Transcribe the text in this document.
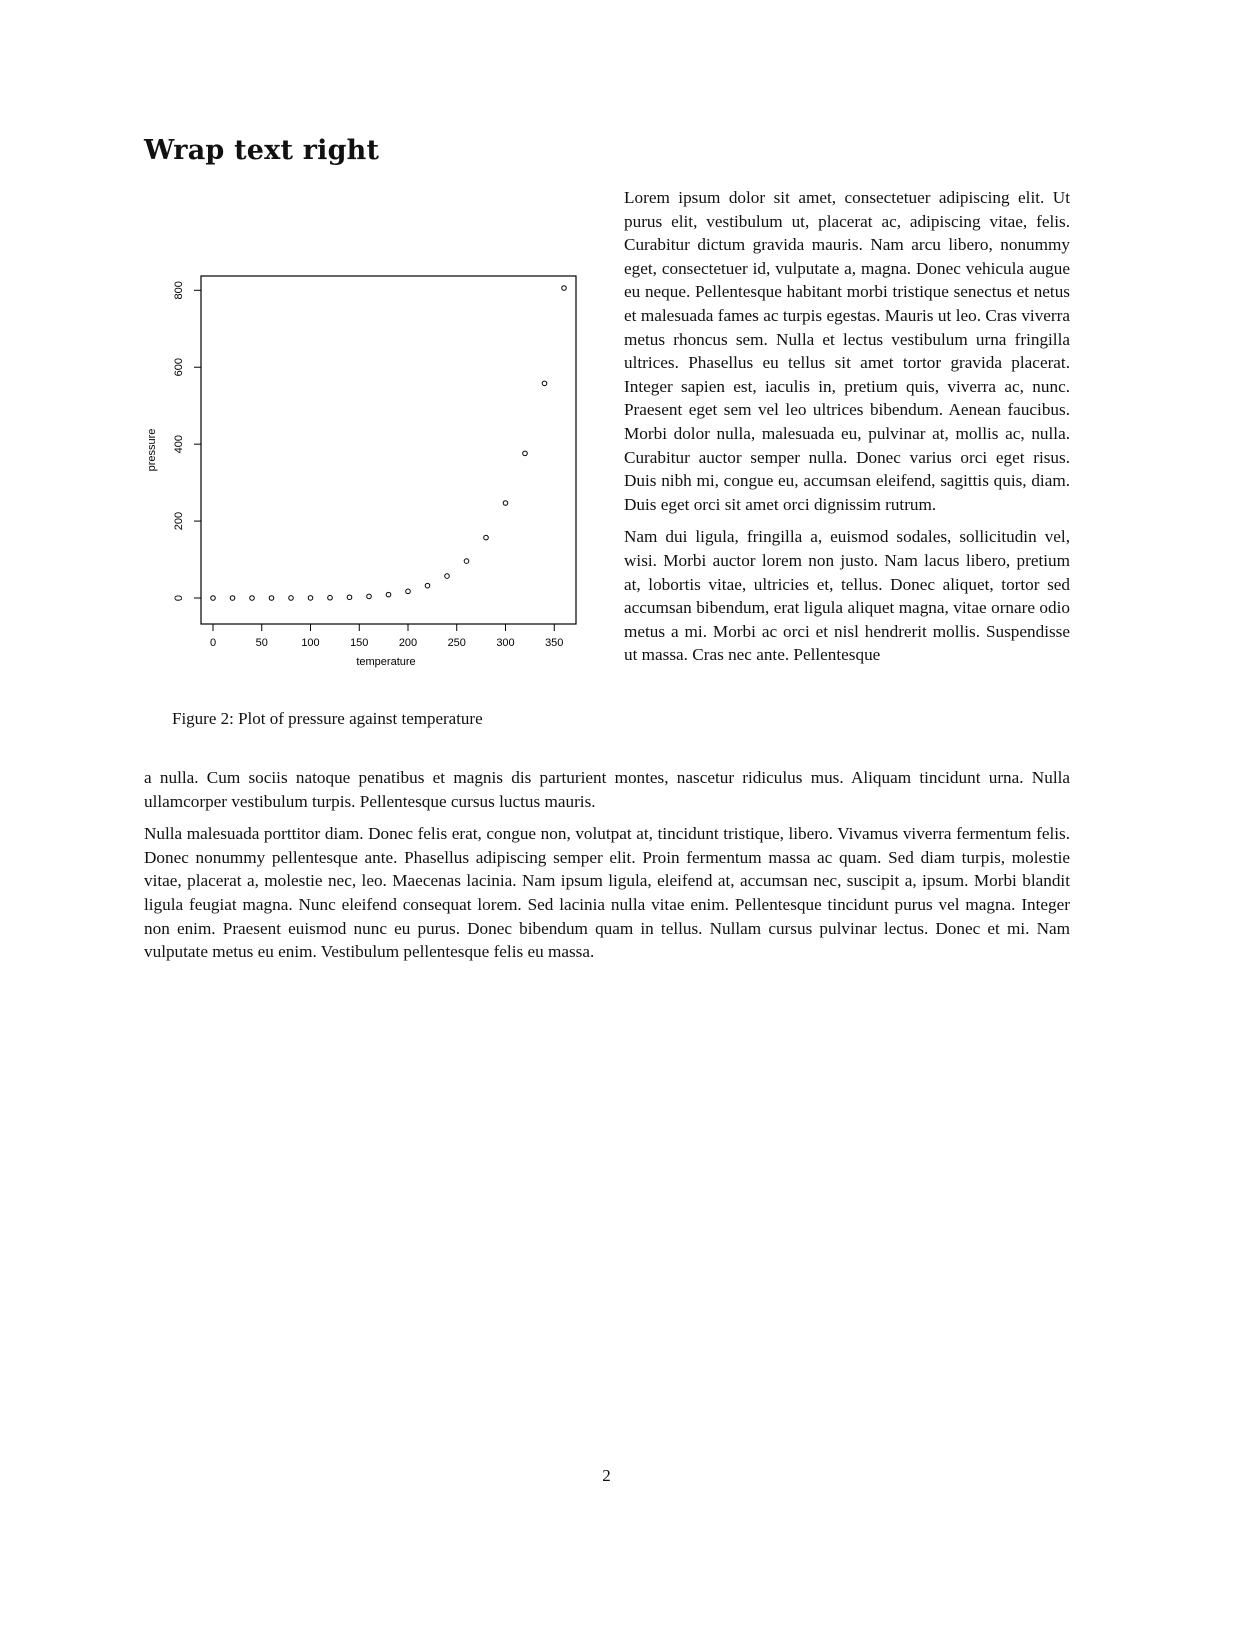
Wrap text right
0	50	100	150	200	250	300	350
0
200
400
600
800
temperature
pressure
Figure 2: Plot of pressure against temperature

Lorem ipsum dolor sit amet, consectetuer adipiscing elit. Ut purus elit, vestibulum ut, placerat ac, adipiscing vitae, felis. Curabitur dictum gravida mauris. Nam arcu libero, nonummy eget, consectetuer id, vulputate a, magna. Donec vehicula augue eu neque. Pellentesque habitant morbi tristique senectus et netus et malesuada fames ac turpis egestas. Mauris ut leo. Cras viverra metus rhoncus sem. Nulla et lectus vestibulum urna fringilla ultrices. Phasellus eu tellus sit amet tortor gravida placerat. Integer sapien est, iaculis in, pretium quis, viverra ac, nunc. Praesent eget sem vel leo ultrices bibendum. Aenean faucibus. Morbi dolor nulla, malesuada eu, pulvinar at, mollis ac, nulla. Curabitur auctor semper nulla. Donec varius orci eget risus. Duis nibh mi, congue eu, accumsan eleifend, sagittis quis, diam. Duis eget orci sit amet orci dignissim rutrum.

Nam dui ligula, fringilla a, euismod sodales, sollicitudin vel, wisi. Morbi auctor lorem non justo. Nam lacus libero, pretium at, lobortis vitae, ultricies et, tellus. Donec aliquet, tortor sed accumsan bibendum, erat ligula aliquet magna, vitae ornare odio metus a mi. Morbi ac orci et nisl hendrerit mollis. Suspendisse ut massa. Cras nec ante. Pellentesque

a nulla. Cum sociis natoque penatibus et magnis dis parturient montes, nascetur ridiculus mus. Aliquam tincidunt urna. Nulla ullamcorper vestibulum turpis. Pellentesque cursus luctus mauris.

Nulla malesuada porttitor diam. Donec felis erat, congue non, volutpat at, tincidunt tristique, libero. Vivamus viverra fermentum felis. Donec nonummy pellentesque ante. Phasellus adipiscing semper elit. Proin fermentum massa ac quam. Sed diam turpis, molestie vitae, placerat a, molestie nec, leo. Maecenas lacinia. Nam ipsum ligula, eleifend at, accumsan nec, suscipit a, ipsum. Morbi blandit ligula feugiat magna. Nunc eleifend consequat lorem. Sed lacinia nulla vitae enim. Pellentesque tincidunt purus vel magna. Integer non enim. Praesent euismod nunc eu purus. Donec bibendum quam in tellus. Nullam cursus pulvinar lectus. Donec et mi. Nam vulputate metus eu enim. Vestibulum pellentesque felis eu massa.

2
